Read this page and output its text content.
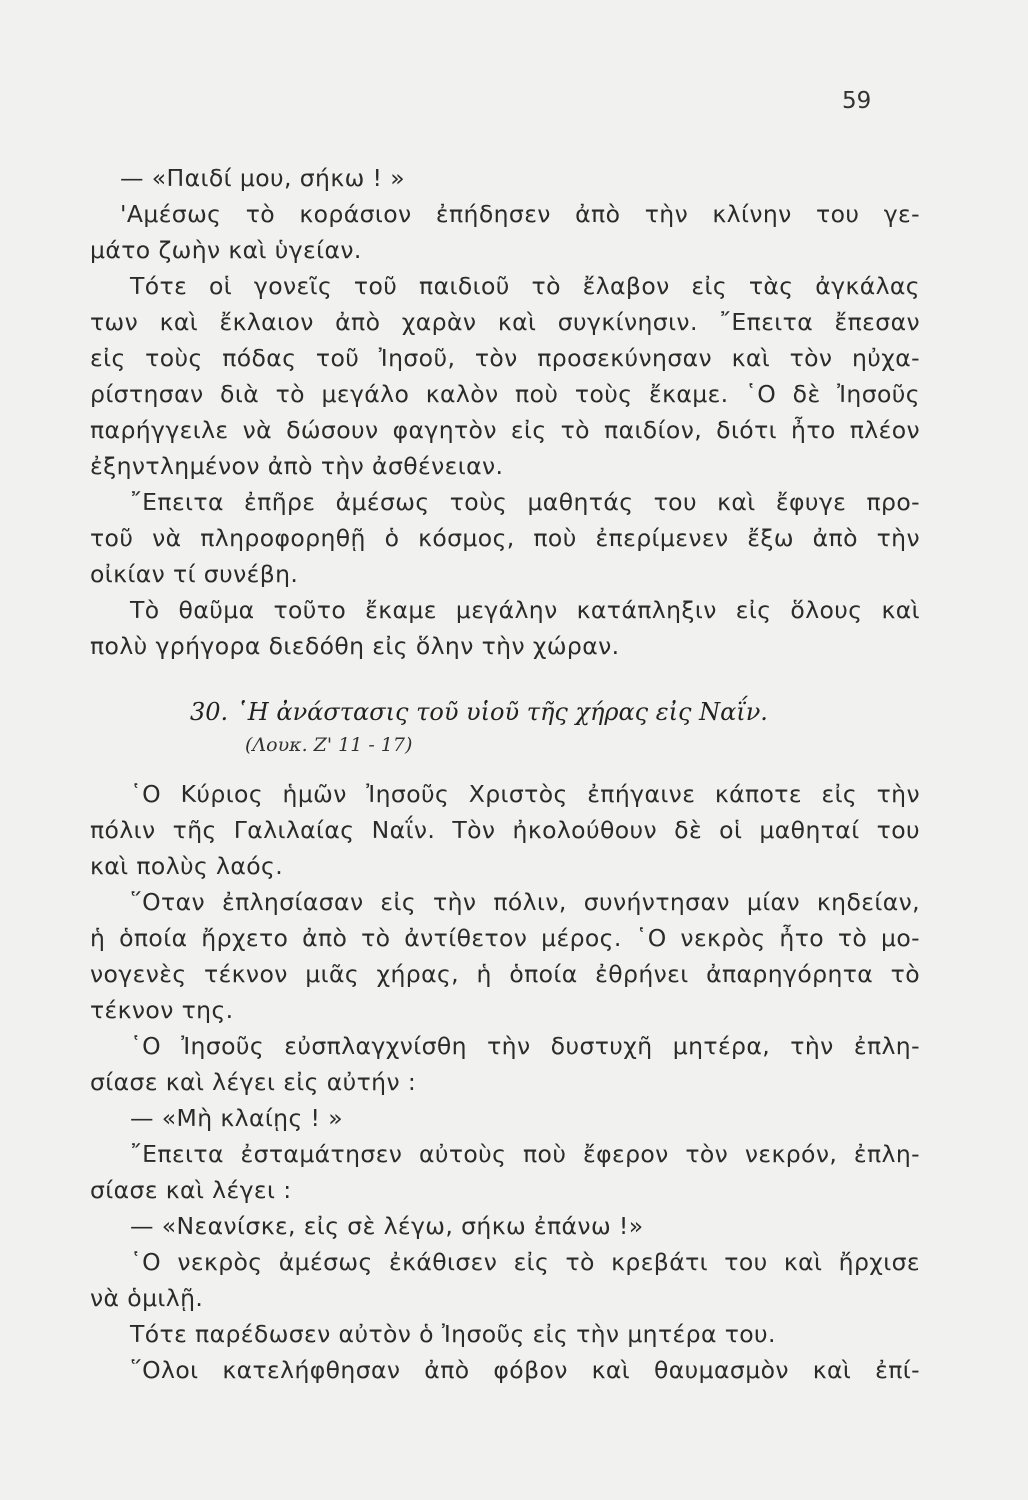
59
— «Παιδί μου, σήκω ! »
'Αμέσως τὸ κοράσιον ἐπήδησεν ἀπὸ τὴν κλίνην του γε-
μάτο ζωὴν καὶ ὑγείαν.
Τότε οἱ γονεῖς τοῦ παιδιοῦ τὸ ἔλαβον εἰς τὰς ἀγκάλας
των καὶ ἔκλαιον ἀπὸ χαρὰν καὶ συγκίνησιν. ῎Επειτα ἔπεσαν
εἰς τοὺς πόδας τοῦ Ἰησοῦ, τὸν προσεκύνησαν καὶ τὸν ηὐχα-
ρίστησαν διὰ τὸ μεγάλο καλὸν ποὺ τοὺς ἔκαμε. ῾Ο δὲ Ἰησοῦς
παρήγγειλε νὰ δώσουν φαγητὸν εἰς τὸ παιδίον, διότι ἦτο πλέον
ἐξηντλημένον ἀπὸ τὴν ἀσθένειαν.
῎Επειτα ἐπῆρε ἀμέσως τοὺς μαθητάς του καὶ ἔφυγε προ-
τοῦ νὰ πληροφορηθῇ ὁ κόσμος, ποὺ ἐπερίμενεν ἔξω ἀπὸ τὴν
οἰκίαν τί συνέβη.
Τὸ θαῦμα τοῦτο ἔκαμε μεγάλην κατάπληξιν εἰς ὅλους καὶ
πολὺ γρήγορα διεδόθη εἰς ὅλην τὴν χώραν.
30. ῾Η ἀνάστασις τοῦ υἱοῦ τῆς χήρας εἰς Ναΐν.
(Λουκ. Ζ' 11 - 17)
῾Ο Κύριος ἡμῶν Ἰησοῦς Χριστὸς ἐπήγαινε κάποτε εἰς τὴν
πόλιν τῆς Γαλιλαίας Ναΐν. Τὸν ἠκολούθουν δὲ οἱ μαθηταί του
καὶ πολὺς λαός.
῞Οταν ἐπλησίασαν εἰς τὴν πόλιν, συνήντησαν μίαν κηδείαν,
ἡ ὁποία ἤρχετο ἀπὸ τὸ ἀντίθετον μέρος. ῾Ο νεκρὸς ἦτο τὸ μο-
νογενὲς τέκνον μιᾶς χήρας, ἡ ὁποία ἐθρήνει ἀπαρηγόρητα τὸ
τέκνον της.
῾Ο Ἰησοῦς εὐσπλαγχνίσθη τὴν δυστυχῆ μητέρα, τὴν ἐπλη-
σίασε καὶ λέγει εἰς αὐτήν :
— «Μὴ κλαίῃς ! »
῎Επειτα ἐσταμάτησεν αὐτοὺς ποὺ ἔφερον τὸν νεκρόν, ἐπλη-
σίασε καὶ λέγει :
— «Νεανίσκε, εἰς σὲ λέγω, σήκω ἐπάνω !»
῾Ο νεκρὸς ἀμέσως ἐκάθισεν εἰς τὸ κρεβάτι του καὶ ἤρχισε
νὰ ὁμιλῇ.
Τότε παρέδωσεν αὐτὸν ὁ Ἰησοῦς εἰς τὴν μητέρα του.
῞Ολοι κατελήφθησαν ἀπὸ φόβον καὶ θαυμασμὸν καὶ ἐπί-
